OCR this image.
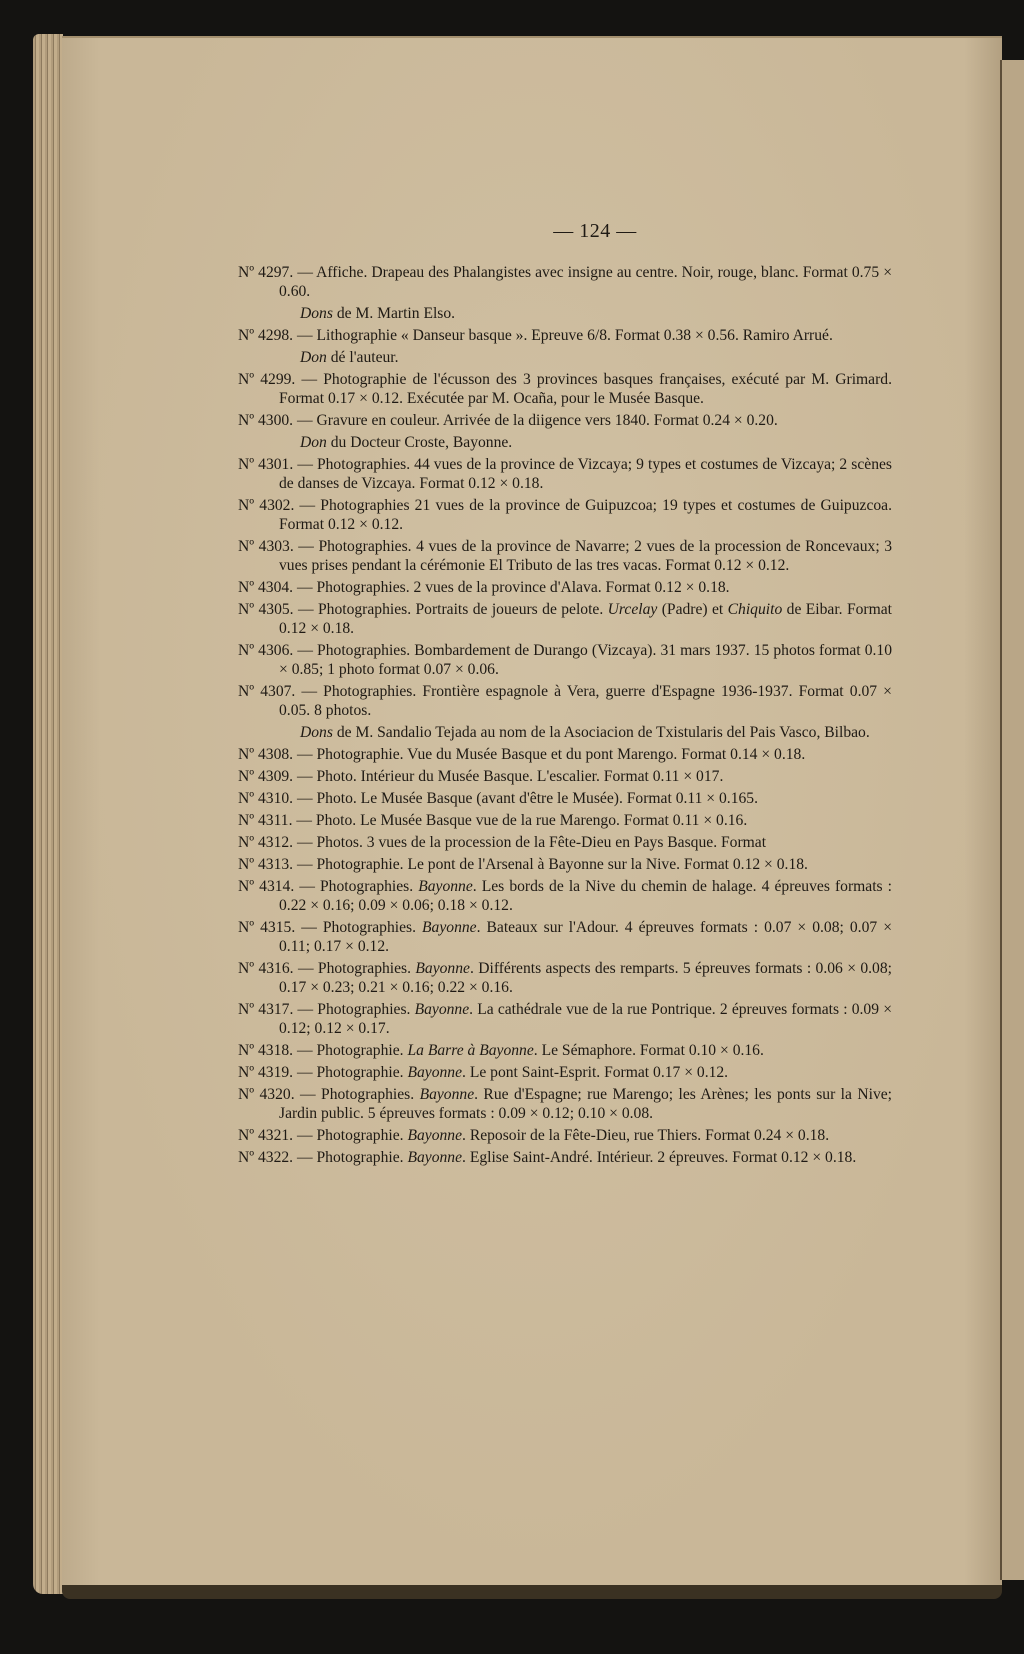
— 124 —
Nº 4297. — Affiche. Drapeau des Phalangistes avec insigne au centre. Noir, rouge, blanc. Format 0.75 × 0.60.
Dons de M. Martin Elso.
Nº 4298. — Lithographie « Danseur basque ». Epreuve 6/8. Format 0.38 × 0.56. Ramiro Arrué.
Don dé l'auteur.
Nº 4299. — Photographie de l'écusson des 3 provinces basques françaises, exécuté par M. Grimard. Format 0.17 × 0.12. Exécutée par M. Ocaña, pour le Musée Basque.
Nº 4300. — Gravure en couleur. Arrivée de la diigence vers 1840. Format 0.24 × 0.20.
Don du Docteur Croste, Bayonne.
Nº 4301. — Photographies. 44 vues de la province de Vizcaya; 9 types et costumes de Vizcaya; 2 scènes de danses de Vizcaya. Format 0.12 × 0.18.
Nº 4302. — Photographies 21 vues de la province de Guipuzcoa; 19 types et costumes de Guipuzcoa. Format 0.12 × 0.12.
Nº 4303. — Photographies. 4 vues de la province de Navarre; 2 vues de la procession de Roncevaux; 3 vues prises pendant la cérémonie El Tributo de las tres vacas. Format 0.12 × 0.12.
Nº 4304. — Photographies. 2 vues de la province d'Alava. Format 0.12 × 0.18.
Nº 4305. — Photographies. Portraits de joueurs de pelote. Urcelay (Padre) et Chiquito de Eibar. Format 0.12 × 0.18.
Nº 4306. — Photographies. Bombardement de Durango (Vizcaya). 31 mars 1937. 15 photos format 0.10 × 0.85; 1 photo format 0.07 × 0.06.
Nº 4307. — Photographies. Frontière espagnole à Vera, guerre d'Espagne 1936-1937. Format 0.07 × 0.05. 8 photos.
Dons de M. Sandalio Tejada au nom de la Asociacion de Txistularis del Pais Vasco, Bilbao.
Nº 4308. — Photographie. Vue du Musée Basque et du pont Marengo. Format 0.14 × 0.18.
Nº 4309. — Photo. Intérieur du Musée Basque. L'escalier. Format 0.11 × 017.
Nº 4310. — Photo. Le Musée Basque (avant d'être le Musée). Format 0.11 × 0.165.
Nº 4311. — Photo. Le Musée Basque vue de la rue Marengo. Format 0.11 × 0.16.
Nº 4312. — Photos. 3 vues de la procession de la Fête-Dieu en Pays Basque. Format
Nº 4313. — Photographie. Le pont de l'Arsenal à Bayonne sur la Nive. Format 0.12 × 0.18.
Nº 4314. — Photographies. Bayonne. Les bords de la Nive du chemin de halage. 4 épreuves formats : 0.22 × 0.16; 0.09 × 0.06; 0.18 × 0.12.
Nº 4315. — Photographies. Bayonne. Bateaux sur l'Adour. 4 épreuves formats : 0.07 × 0.08; 0.07 × 0.11; 0.17 × 0.12.
Nº 4316. — Photographies. Bayonne. Différents aspects des remparts. 5 épreuves formats : 0.06 × 0.08; 0.17 × 0.23; 0.21 × 0.16; 0.22 × 0.16.
Nº 4317. — Photographies. Bayonne. La cathédrale vue de la rue Pontrique. 2 épreuves formats : 0.09 × 0.12; 0.12 × 0.17.
Nº 4318. — Photographie. La Barre à Bayonne. Le Sémaphore. Format 0.10 × 0.16.
Nº 4319. — Photographie. Bayonne. Le pont Saint-Esprit. Format 0.17 × 0.12.
Nº 4320. — Photographies. Bayonne. Rue d'Espagne; rue Marengo; les Arènes; les ponts sur la Nive; Jardin public. 5 épreuves formats : 0.09 × 0.12; 0.10 × 0.08.
Nº 4321. — Photographie. Bayonne. Reposoir de la Fête-Dieu, rue Thiers. Format 0.24 × 0.18.
Nº 4322. — Photographie. Bayonne. Eglise Saint-André. Intérieur. 2 épreuves. Format 0.12 × 0.18.
